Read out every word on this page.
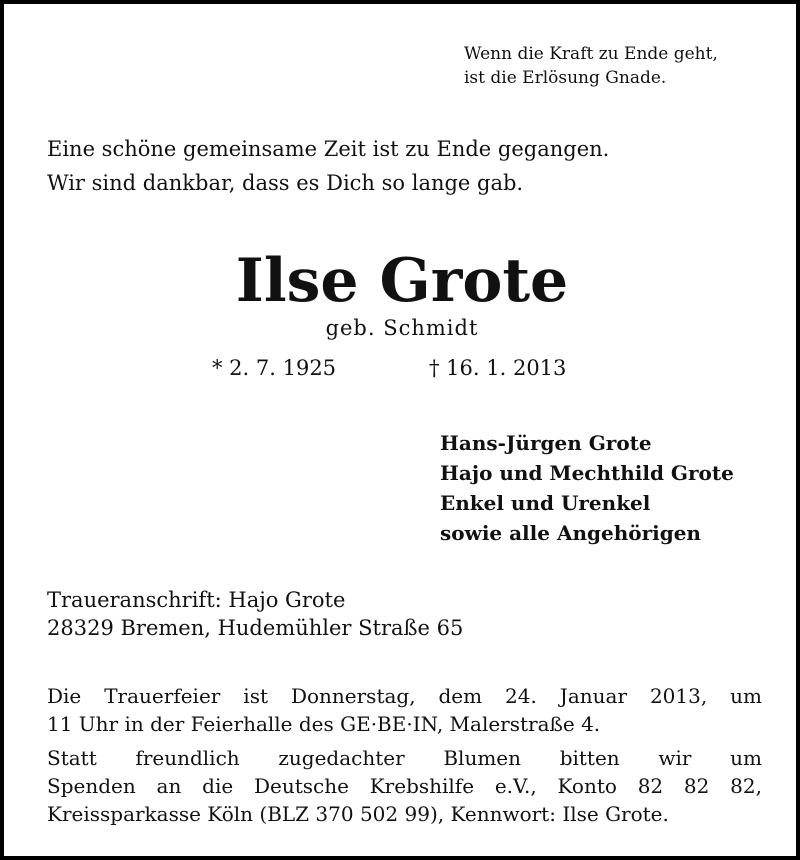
Wenn die Kraft zu Ende geht,
ist die Erlösung Gnade.
Eine schöne gemeinsame Zeit ist zu Ende gegangen.
Wir sind dankbar, dass es Dich so lange gab.
Ilse Grote
geb. Schmidt
* 2. 7. 1925	† 16. 1. 2013
Hans-Jürgen Grote
Hajo und Mechthild Grote
Enkel und Urenkel
sowie alle Angehörigen
Traueranschrift: Hajo Grote
28329 Bremen, Hudemühler Straße 65
Die Trauerfeier ist Donnerstag, dem 24. Januar 2013, um
11 Uhr in der Feierhalle des GE·BE·IN, Malerstraße 4.
Statt freundlich zugedachter Blumen bitten wir um
Spenden an die Deutsche Krebshilfe e.V., Konto 82 82 82,
Kreissparkasse Köln (BLZ 370 502 99), Kennwort: Ilse Grote.
